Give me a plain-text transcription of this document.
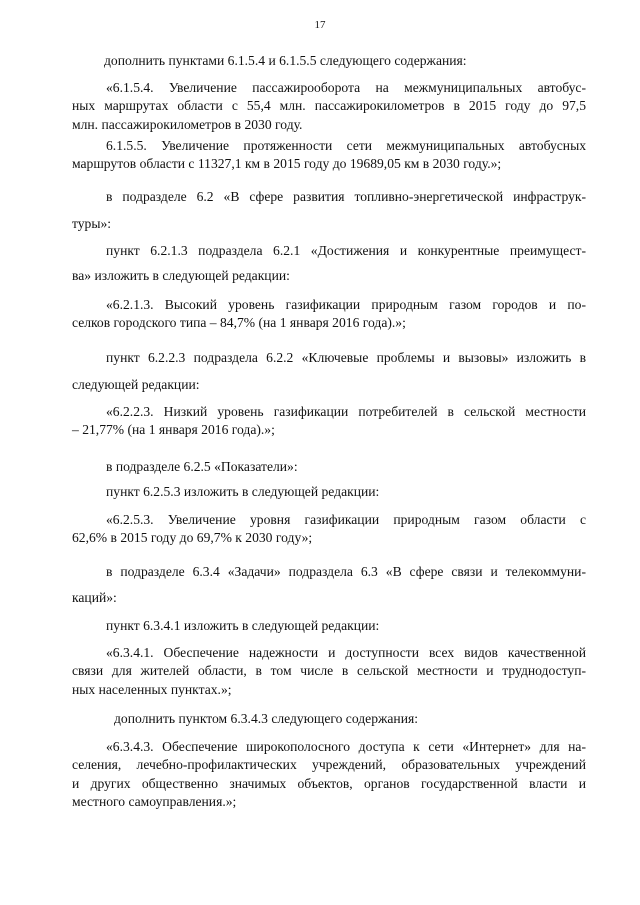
17
дополнить пунктами 6.1.5.4 и 6.1.5.5 следующего содержания:
«6.1.5.4. Увеличение пассажирооборота на межмуниципальных автобус-
ных маршрутах области с 55,4 млн. пассажирокилометров в 2015 году до 97,5
млн. пассажирокилометров в 2030 году.
6.1.5.5. Увеличение протяженности сети межмуниципальных автобусных
маршрутов области с 11327,1 км в 2015 году до 19689,05 км в 2030 году.»;
в подразделе 6.2 «В сфере развития топливно-энергетической инфраструк-
туры»:
пункт 6.2.1.3 подраздела 6.2.1 «Достижения и конкурентные преимущест-
ва» изложить в следующей редакции:
«6.2.1.3. Высокий уровень газификации природным газом городов и по-
селков городского типа – 84,7% (на 1 января 2016 года).»;
пункт 6.2.2.3 подраздела 6.2.2 «Ключевые проблемы и вызовы» изложить в
следующей редакции:
«6.2.2.3. Низкий уровень газификации потребителей в сельской местности
– 21,77% (на 1 января 2016 года).»;
в подразделе 6.2.5 «Показатели»:
пункт 6.2.5.3 изложить в следующей редакции:
«6.2.5.3. Увеличение уровня газификации природным газом области с
62,6% в 2015 году до 69,7% к 2030 году»;
в подразделе 6.3.4 «Задачи» подраздела 6.3 «В сфере связи и телекоммуни-
каций»:
пункт 6.3.4.1 изложить в следующей редакции:
«6.3.4.1. Обеспечение надежности и доступности всех видов качественной
связи для жителей области, в том числе в сельской местности и труднодоступ-
ных населенных пунктах.»;
дополнить пунктом 6.3.4.3 следующего содержания:
«6.3.4.3. Обеспечение широкополосного доступа к сети «Интернет» для на-
селения, лечебно-профилактических учреждений, образовательных учреждений
и других общественно значимых объектов, органов государственной власти и
местного самоуправления.»;
